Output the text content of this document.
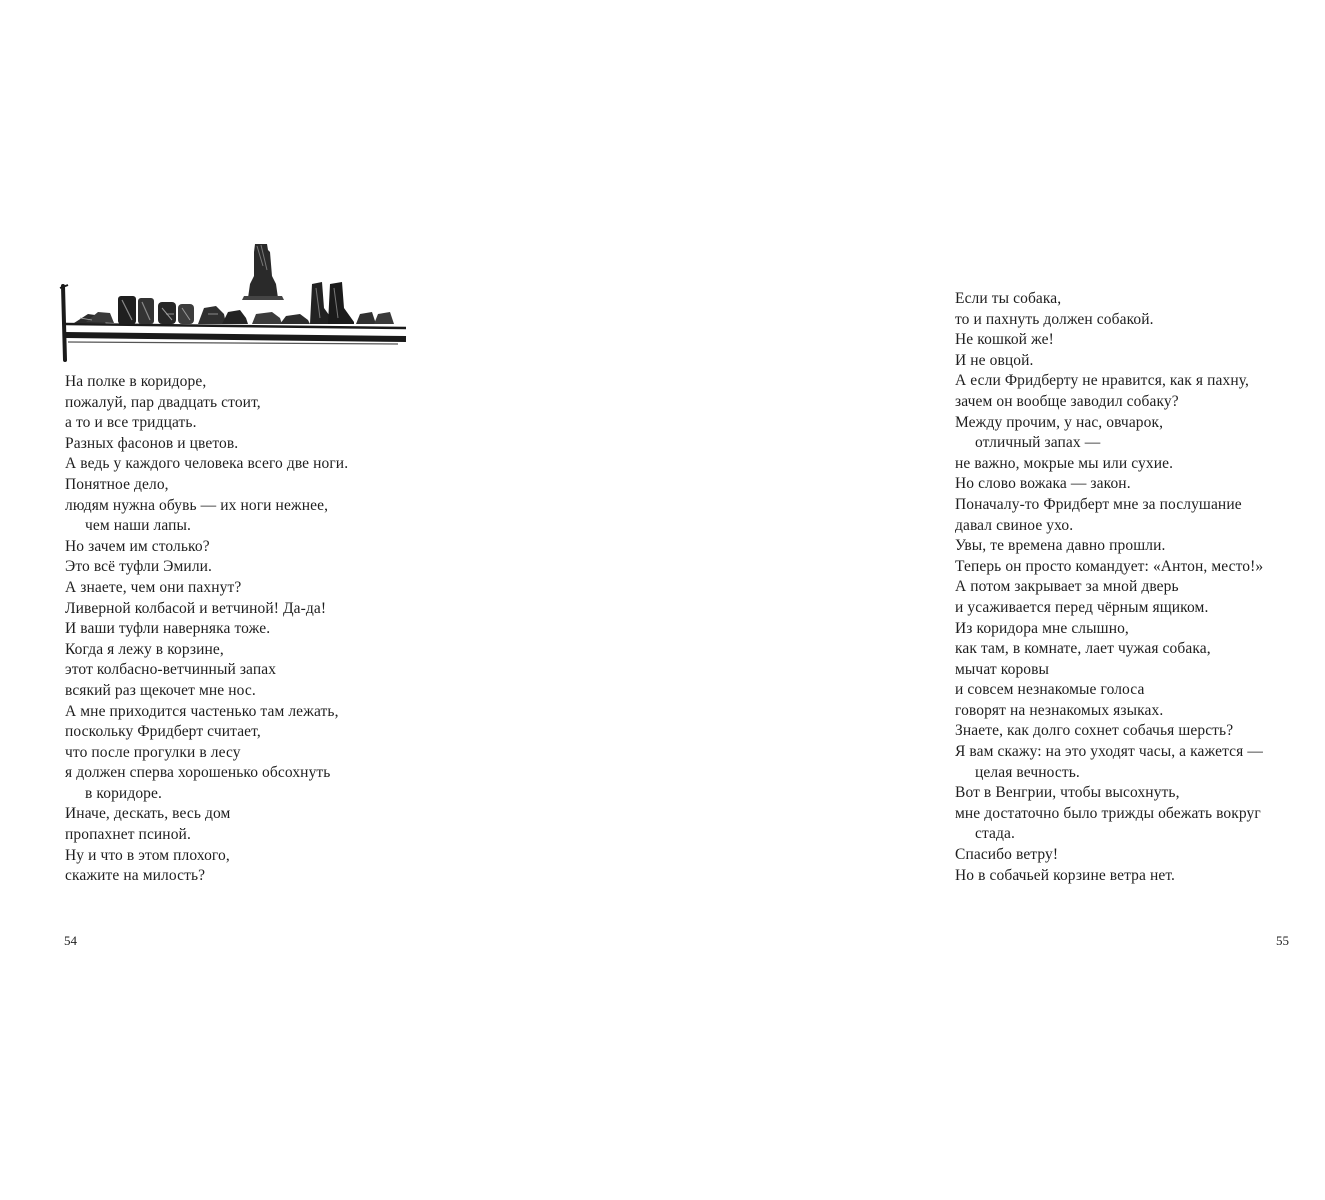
На полке в коридоре,
пожалуй, пар двадцать стоит,
а то и все тридцать.
Разных фасонов и цветов.
А ведь у каждого человека всего две ноги.
Понятное дело,
людям нужна обувь — их ноги нежнее,
чем наши лапы.
Но зачем им столько?
Это всё туфли Эмили.
А знаете, чем они пахнут?
Ливерной колбасой и ветчиной! Да-да!
И ваши туфли наверняка тоже.
Когда я лежу в корзине,
этот колбасно-ветчинный запах
всякий раз щекочет мне нос.
А мне приходится частенько там лежать,
поскольку Фридберт считает,
что после прогулки в лесу
я должен сперва хорошенько обсохнуть
в коридоре.
Иначе, дескать, весь дом
пропахнет псиной.
Ну и что в этом плохого,
скажите на милость?
54
Если ты собака,
то и пахнуть должен собакой.
Не кошкой же!
И не овцой.
А если Фридберту не нравится, как я пахну,
зачем он вообще заводил собаку?
Между прочим, у нас, овчарок,
отличный запах —
не важно, мокрые мы или сухие.
Но слово вожака — закон.
Поначалу-то Фридберт мне за послушание
давал свиное ухо.
Увы, те времена давно прошли.
Теперь он просто командует: «Антон, место!»
А потом закрывает за мной дверь
и усаживается перед чёрным ящиком.
Из коридора мне слышно,
как там, в комнате, лает чужая собака,
мычат коровы
и совсем незнакомые голоса
говорят на незнакомых языках.
Знаете, как долго сохнет собачья шерсть?
Я вам скажу: на это уходят часы, а кажется —
целая вечность.
Вот в Венгрии, чтобы высохнуть,
мне достаточно было трижды обежать вокруг
стада.
Спасибо ветру!
Но в собачьей корзине ветра нет.
55
